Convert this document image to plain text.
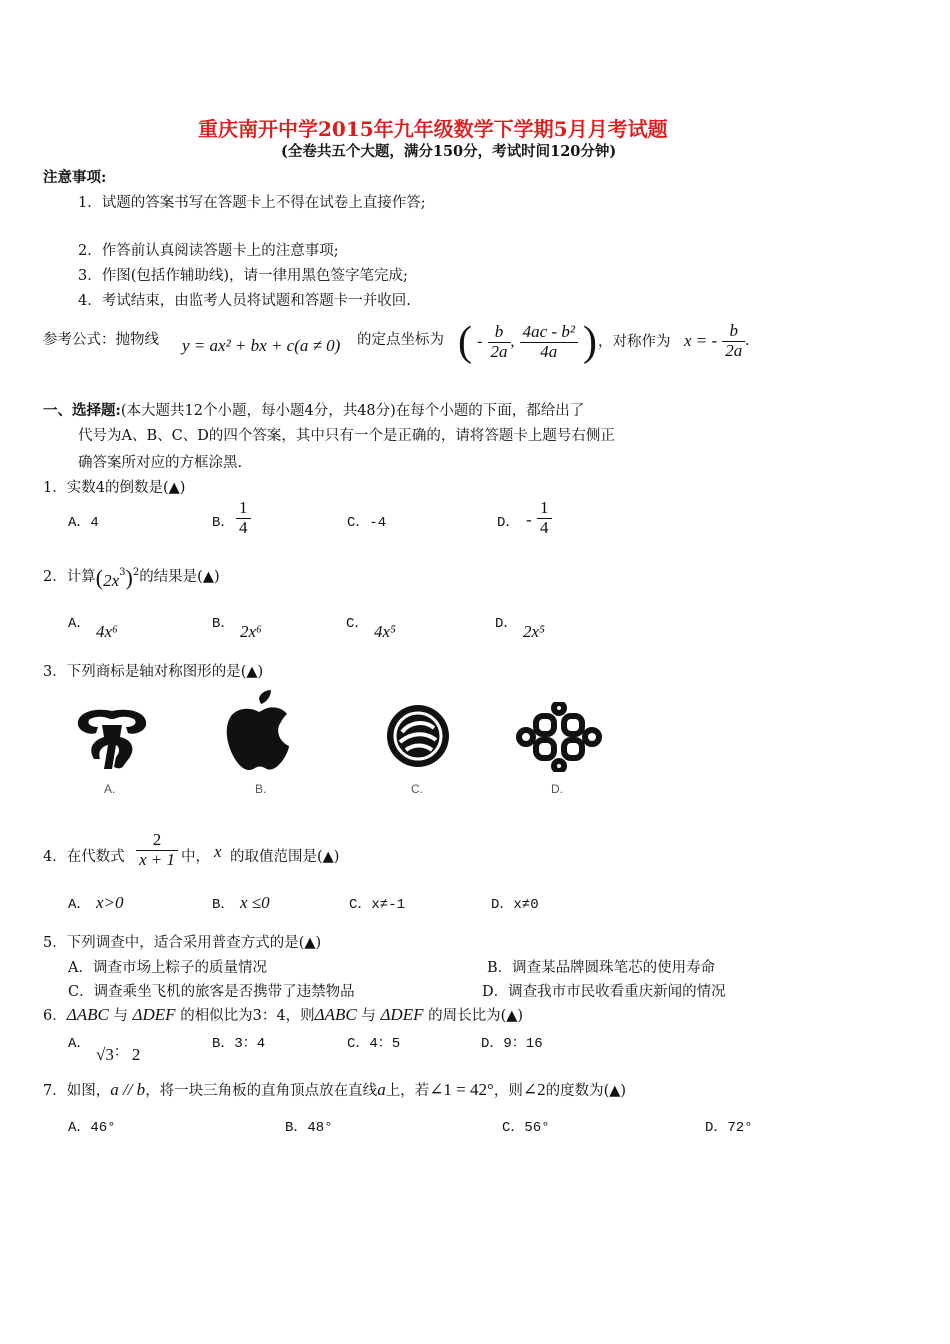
重庆南开中学2015年九年级数学下学期5月月考试题
(全卷共五个大题，满分150分，考试时间120分钟)
注意事项:
1．试题的答案书写在答题卡上不得在试卷上直接作答;
2．作答前认真阅读答题卡上的注意事项;
3．作图(包括作辅助线)，请一律用黑色签字笔完成;
4．考试结束，由监考人员将试题和答题卡一并收回.
参考公式：抛物线 y = ax² + bx + c(a ≠ 0) 的定点坐标为 ( - $\frac{b}{2a}$ , $\frac{\text{4ac - b²}}{4a}$ ) ，对称作为 x = - $\frac{b}{2a}$ .
一、选择题:(本大题共12个小题，每小题4分，共48分)在每个小题的下面，都给出了
代号为A、B、C、D的四个答案，其中只有一个是正确的，请将答题卡上题号右侧正
确答案所对应的方框涂黑.
1．实数4的倒数是(▲)
A．4	B． $\frac{1}{4}$	C．-4	D． - $\frac{1}{4}$
2．计算$(2x^3)^2$的结果是(▲)
A． 4x⁶	B． 2x⁶	C． 4x⁵	D． 2x⁵
3．下列商标是轴对称图形的是(▲)
A.	B.	C.	D.
4．在代数式 $\frac{2}{x + 1}$ 中， x 的取值范围是(▲)
A． x>0	B． x ≤0	C．x≠-1	D．x≠0
5．下列调查中，适合采用普查方式的是(▲)
A．调查市场上粽子的质量情况	B．调查某品牌圆珠笔芯的使用寿命
C．调查乘坐飞机的旅客是否携带了违禁物品	D．调查我市市民收看重庆新闻的情况
6．ΔABC 与 ΔDEF 的相似比为3：4，则ΔABC 与 ΔDEF 的周长比为(▲)
A．
√3： 2
B．3：4	C．4：5	D．9：16
7．如图，a // b，将一块三角板的直角顶点放在直线a上，若∠1 = 42°，则∠2的度数为(▲)
A．46°	B．48°	C．56°	D．72°
